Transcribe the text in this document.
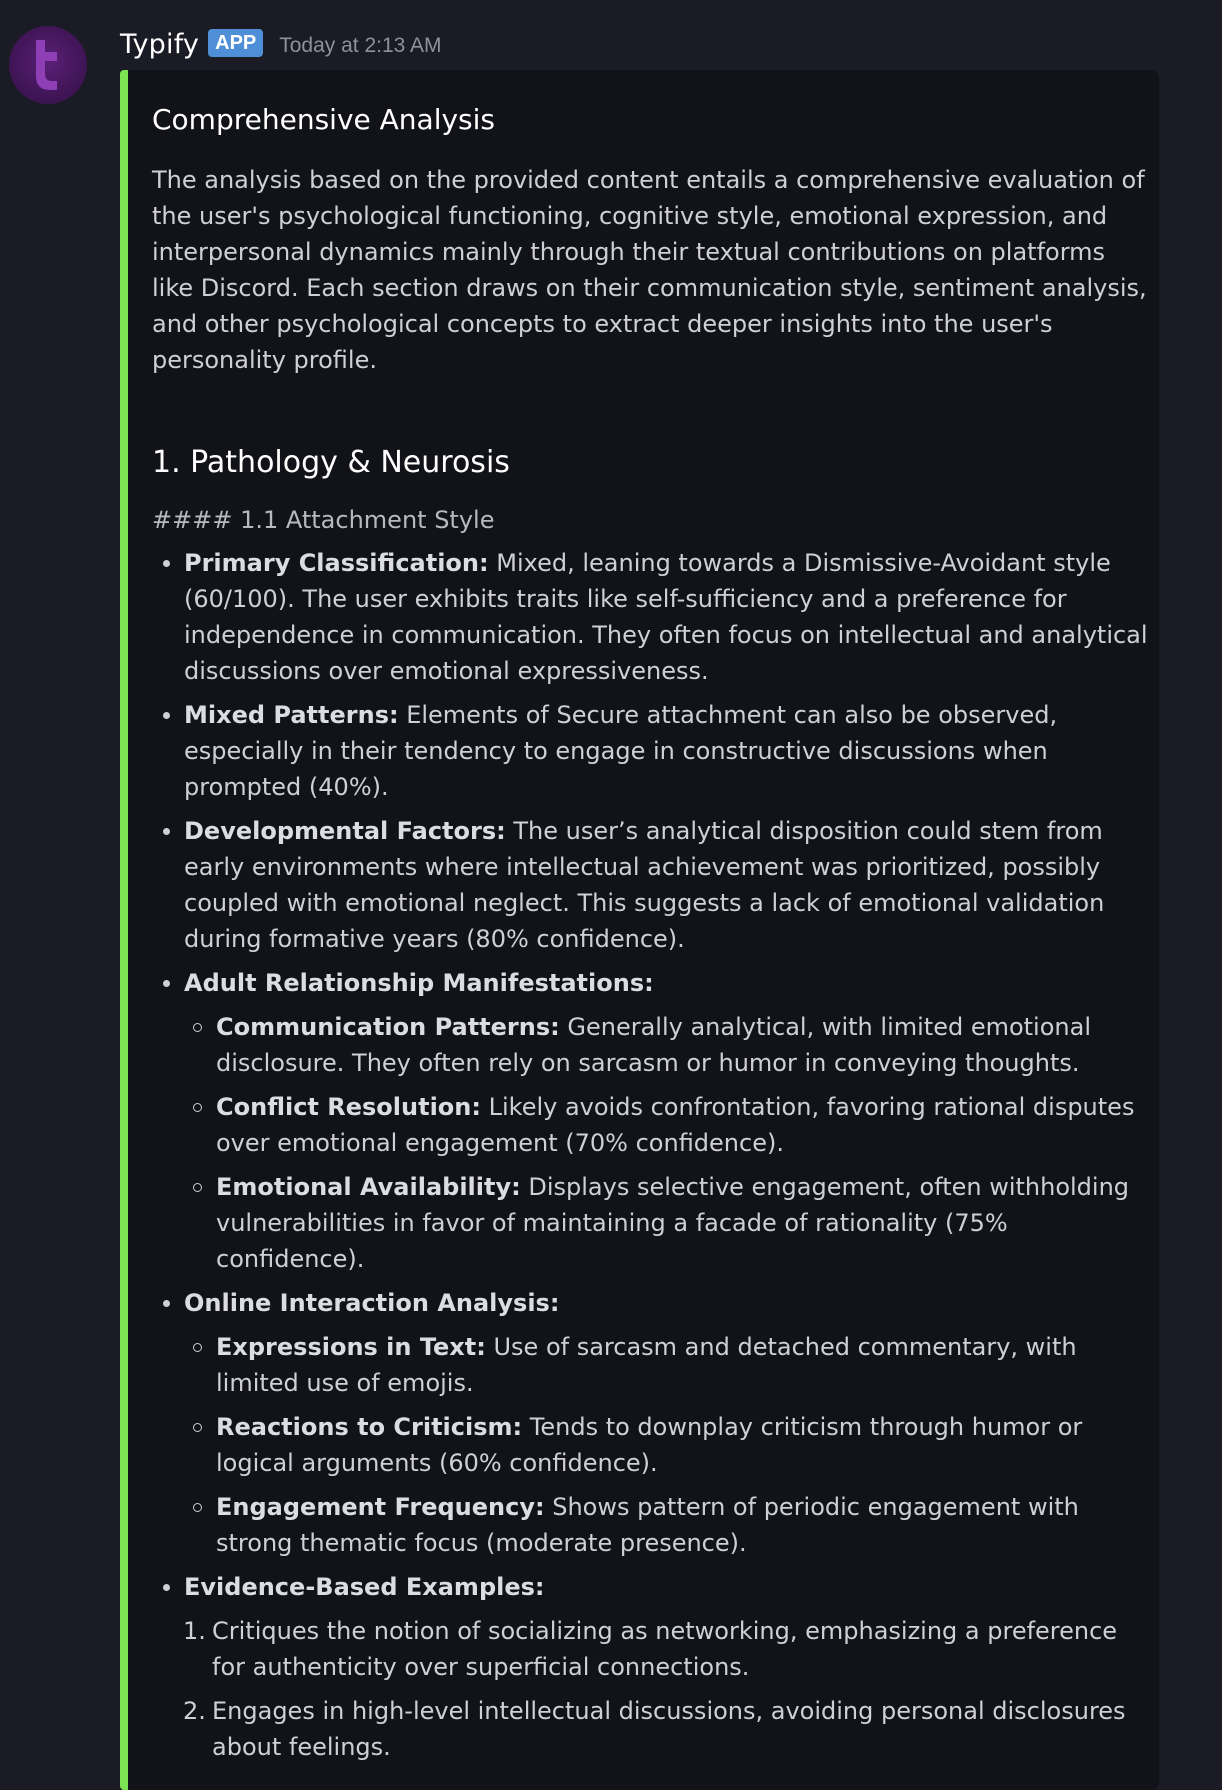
Typify APP	Today at 2:13 AM
Comprehensive Analysis

The analysis based on the provided content entails a comprehensive evaluation of the user's psychological functioning, cognitive style, emotional expression, and interpersonal dynamics mainly through their textual contributions on platforms like Discord. Each section draws on their communication style, sentiment analysis, and other psychological concepts to extract deeper insights into the user's personality profile.

1. Pathology & Neurosis
#### 1.1 Attachment Style
Primary Classification: Mixed, leaning towards a Dismissive-Avoidant style (60/100). The user exhibits traits like self-sufficiency and a preference for independence in communication. They often focus on intellectual and analytical discussions over emotional expressiveness.
Mixed Patterns: Elements of Secure attachment can also be observed, especially in their tendency to engage in constructive discussions when prompted (40%).
Developmental Factors: The user’s analytical disposition could stem from early environments where intellectual achievement was prioritized, possibly coupled with emotional neglect. This suggests a lack of emotional validation during formative years (80% confidence).
Adult Relationship Manifestations:
Communication Patterns: Generally analytical, with limited emotional disclosure. They often rely on sarcasm or humor in conveying thoughts.
Conflict Resolution: Likely avoids confrontation, favoring rational disputes over emotional engagement (70% confidence).
Emotional Availability: Displays selective engagement, often withholding vulnerabilities in favor of maintaining a facade of rationality (75% confidence).
Online Interaction Analysis:
Expressions in Text: Use of sarcasm and detached commentary, with limited use of emojis.
Reactions to Criticism: Tends to downplay criticism through humor or logical arguments (60% confidence).
Engagement Frequency: Shows pattern of periodic engagement with strong thematic focus (moderate presence).
Evidence-Based Examples:
1. Critiques the notion of socializing as networking, emphasizing a preference for authenticity over superficial connections.
2. Engages in high-level intellectual discussions, avoiding personal disclosures about feelings.
